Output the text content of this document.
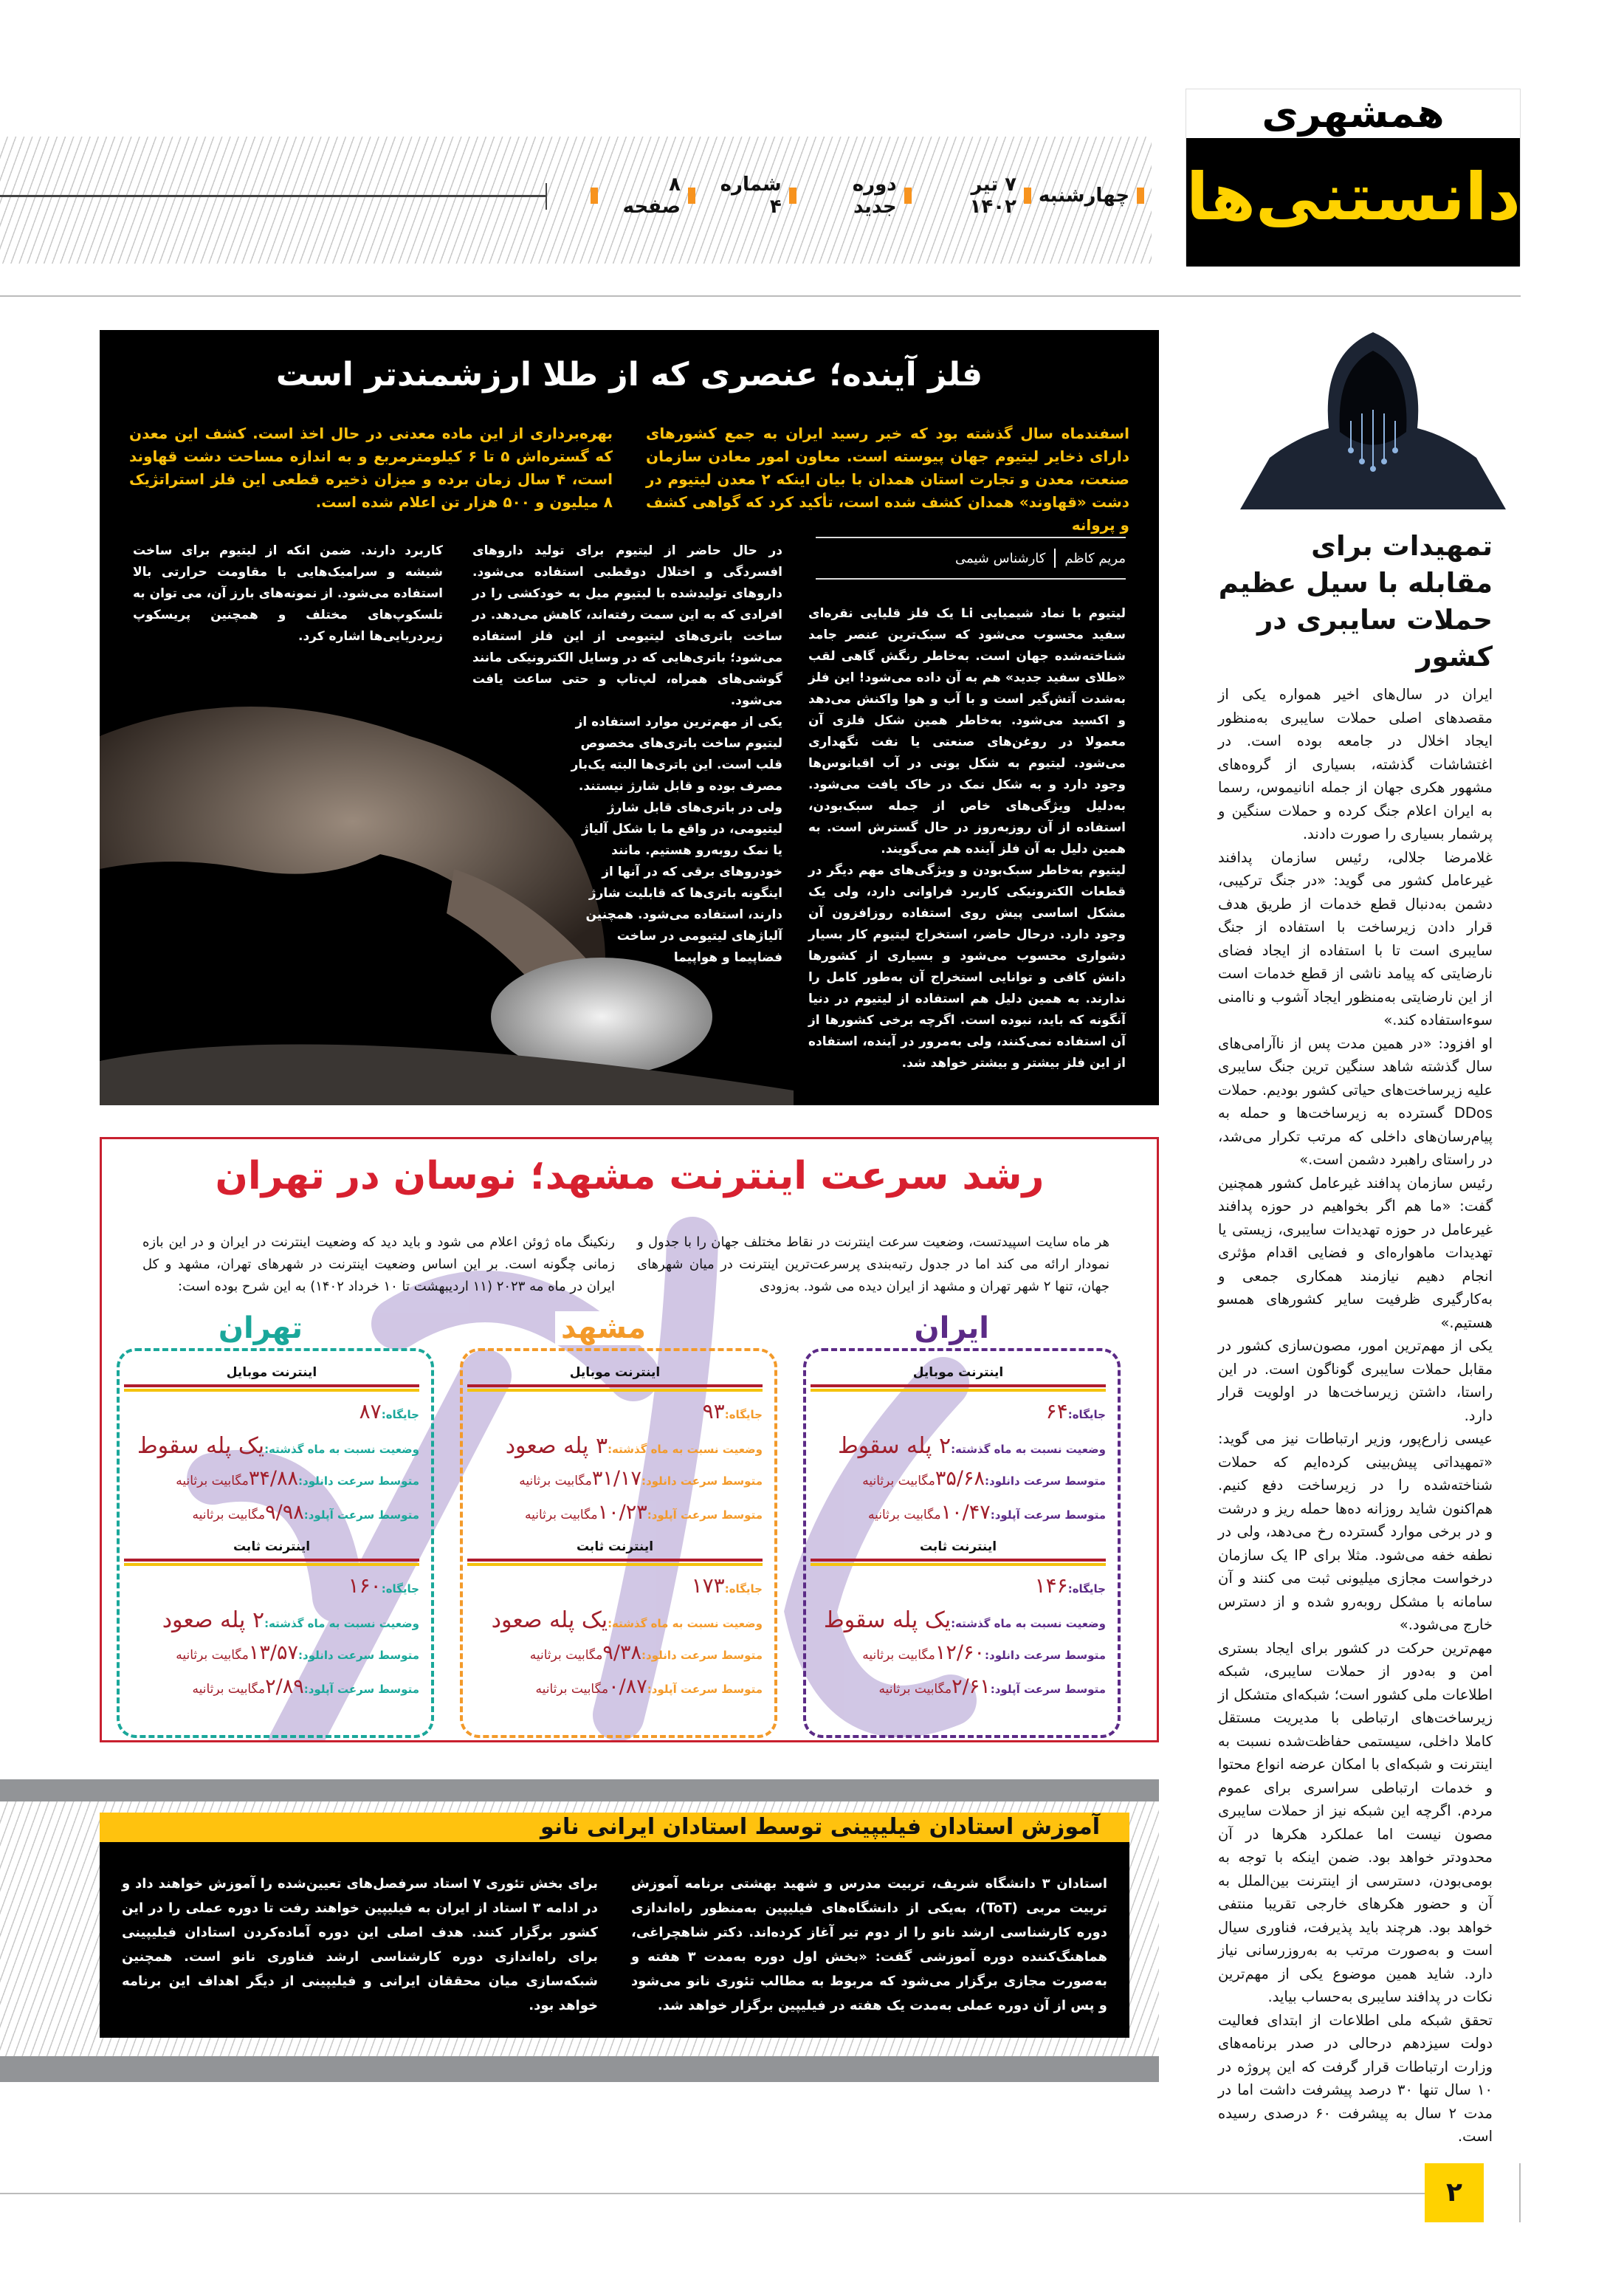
چهارشنبه
۷ تیر ۱۴۰۲
دوره جدید
شماره ۴
۸ صفحه
همشهری
دانستنی‌ها
تمهیدات برای مقابله با سیل عظیم حملات سایبری در کشور

ایران در سال‌های اخیر همواره یکی از مقصدهای اصلی حملات سایبری به‌منظور ایجاد اخلال در جامعه بوده است. در اغتشاشات گذشته، بسیاری از گروه‌های مشهور هکری جهان از جمله انانیموس، رسما به ایران اعلام جنگ کرده و حملات سنگین و پرشمار بسیاری را صورت دادند.

غلامرضا جلالی، رئیس سازمان پدافند غیرعامل کشور می گوید: «در جنگ ترکیبی، دشمن به‌دنبال قطع خدمات از طریق هدف قرار دادن زیرساخت با استفاده از جنگ سایبری است تا با استفاده از ایجاد فضای نارضایتی که پیامد ناشی از قطع خدمات است از این نارضایتی به‌منظور ایجاد آشوب و ناامنی سوءاستفاده کند.»

او افزود: «در همین مدت پس از ناآرامی‌های سال گذشته شاهد سنگین ترین جنگ سایبری علیه زیرساخت‌های حیاتی کشور بودیم. حملات DDos گسترده به زیرساخت‌ها و حمله به پیام‌رسان‌های داخلی که مرتب تکرار می‌شد، در راستای راهبرد دشمن است.»

رئیس سازمان پدافند غیرعامل کشور همچنین گفت: «ما هم اگر بخواهیم در حوزه پدافند غیرعامل در حوزه تهدیدات سایبری، زیستی یا تهدیدات ماهواره‌ای و فضایی اقدام مؤثری انجام دهیم نیازمند همکاری جمعی و به‌کارگیری ظرفیت سایر کشورهای همسو هستیم.»

یکی از مهم‌ترین امور، مصون‌سازی کشور در مقابل حملات سایبری گوناگون است. در این راستا، داشتن زیرساخت‌ها در اولویت قرار دارد.

عیسی زارع‌پور، وزیر ارتباطات نیز می گوید: «تمهیداتی پیش‌بینی کرده‌ایم که حملات شناخته‌شده را در زیرساخت دفع کنیم. هم‌اکنون شاید روزانه ده‌ها حمله ریز و درشت و در برخی موارد گسترده رخ می‌دهد، ولی در نطفه خفه می‌شود. مثلا برای IP یک سازمان درخواست مجازی میلیونی ثبت می کنند و آن سامانه با مشکل روبه‌رو شده و از دسترس خارج می‌شود.»

مهم‌ترین حرکت در کشور برای ایجاد بستری امن و به‌دور از حملات سایبری، شبکه اطلاعات ملی کشور است؛ شبکه‌ای متشکل از زیرساخت‌های ارتباطی با مدیریت مستقل کاملا داخلی، سیستمی حفاظت‌شده نسبت به اینترنت و شبکه‌ای با امکان عرضه انواع محتوا و خدمات ارتباطی سراسری برای عموم مردم. اگرچه این شبکه نیز از حملات سایبری مصون نیست اما عملکرد هکرها در آن محدودتر خواهد بود. ضمن اینکه با توجه به بومی‌بودن، دسترسی از اینترنت بین‌الملل به آن و حضور هکرهای خارجی تقریبا منتفی خواهد بود. هرچند باید پذیرفت، فناوری سیال است و به‌صورت مرتب به به‌روزرسانی نیاز دارد. شاید همین موضوع یکی از مهم‌ترین نکات در پدافند سایبری به‌حساب بیاید.

تحقق شبکه ملی اطلاعات از ابتدای فعالیت دولت سیزدهم درحالی در صدر برنامه‌های وزارت ارتباطات قرار گرفت که این پروژه در ۱۰ سال تنها ۳۰ درصد پیشرفت داشت اما در مدت ۲ سال به پیشرفت ۶۰ درصدی رسیده است.

فلز آینده؛ عنصری که از طلا ارزشمندتر است

اسفندماه سال گذشته بود که خبر رسید ایران به جمع کشورهای دارای ذخایر لیتیوم جهان پیوسته است. معاون امور معادن سازمان صنعت، معدن و تجارت استان همدان با بیان اینکه ۲ معدن لیتیوم در دشت «قهاوند» همدان کشف شده است، تأکید کرد که گواهی کشف و پروانه

بهره‌برداری از این ماده معدنی در حال اخذ است. کشف این معدن که گستره‌اش ۵ تا ۶ کیلومترمربع و به اندازه مساحت دشت قهاوند است، ۴ سال زمان برده و میزان ذخیره قطعی این فلز استراتژیک ۸ میلیون و ۵۰۰ هزار تن اعلام شده است.

مریم کاظم
کارشناس شیمی

لیتیوم با نماد شیمیایی Li یک فلز قلیایی نقره‌ای سفید محسوب می‌شود که سبک‌ترین عنصر جامد شناخته‌شده جهان است. به‌خاطر رنگش گاهی لقب «طلای سفید جدید» هم به آن داده می‌شود! این فلز به‌شدت آتش‌گیر است و با آب و هوا واکنش می‌دهد و اکسید می‌شود. به‌خاطر همین شکل فلزی آن معمولا در روغن‌های صنعتی یا نفت نگهداری می‌شود. لیتیوم به شکل یونی در آب اقیانوس‌ها وجود دارد و به شکل نمک در خاک یافت می‌شود. به‌دلیل ویژگی‌های خاص از جمله سبک‌بودن، استفاده از آن روزبه‌روز در حال گسترش است. به همین دلیل به آن فلز آینده هم می‌گویند.

لیتیوم به‌خاطر سبک‌بودن و ویژگی‌های مهم دیگر در قطعات الکترونیکی کاربرد فراوانی دارد، ولی یک مشکل اساسی پیش روی استفاده روزافزون آن وجود دارد. درحال حاضر، استخراج لیتیوم کار بسیار دشواری محسوب می‌شود و بسیاری از کشورها دانش کافی و توانایی استخراج آن به‌طور کامل را ندارند. به همین دلیل هم استفاده از لیتیوم در دنیا آنگونه که باید، نبوده است. اگرچه برخی کشورها از آن استفاده نمی‌کنند، ولی به‌مرور در آینده، استفاده از این فلز بیشتر و بیشتر خواهد شد.

در حال حاضر از لیتیوم برای تولید داروهای افسردگی و اختلال دوقطبی استفاده می‌شود. داروهای تولیدشده با لیتیوم میل به خودکشی را در افرادی که به این سمت رفته‌اند، کاهش می‌دهد. در ساخت باتری‌های لیتیومی از این فلز استفاده می‌شود؛ باتری‌هایی که در وسایل الکترونیکی مانند گوشی‌های همراه، لپ‌تاپ و حتی ساعت یافت می‌شود.

یکی از مهم‌ترین موارد استفاده از لیتیوم ساخت باتری‌های مخصوص قلب است. این باتری‌ها البته یک‌بار مصرف بوده و قابل شارژ نیستند. ولی در باتری‌های قابل شارژ لیتیومی، در واقع ما با شکل آلیاژ یا نمک روبه‌رو هستیم. مانند خودروهای برقی که در آنها از اینگونه باتری‌ها که قابلیت شارژ دارند، استفاده می‌شود. همچنین آلیاژهای لیتیومی در ساخت فضاپیما و هواپیما

کاربرد دارند. ضمن انکه از لیتیوم برای ساخت شیشه و سرامیک‌هایی با مقاومت حرارتی بالا استفاده می‌شود. از نمونه‌های بارز آن، می توان به تلسکوپ‌های مختلف و همچنین پریسکوپ زیردریایی‌ها اشاره کرد.

رشد سرعت اینترنت مشهد؛ نوسان در تهران

هر ماه سایت اسپیدتست، وضعیت سرعت اینترنت در نقاط مختلف جهان را با جدول و نمودار ارائه می کند اما در جدول رتبه‌بندی پرسرعت‌ترین اینترنت در میان شهرهای جهان، تنها ۲ شهر تهران و مشهد از ایران دیده می شود. به‌زودی

رنکینگ ماه ژوئن اعلام می شود و باید دید که وضعیت اینترنت در ایران و در این بازه زمانی چگونه است. بر این اساس وضعیت اینترنت در شهرهای تهران، مشهد و کل ایران در ماه مه ۲۰۲۳ (۱۱ اردیبهشت تا ۱۰ خرداد ۱۴۰۲) به این شرح بوده است:

ایران
اینترنت موبایل
جایگاه:
۶۴
وضعیت نسبت به ماه گذشته:
۲ پله سقوط
متوسط سرعت دانلود:
۳۵/۶۸
مگابیت برثانیه
متوسط سرعت آپلود:
۱۰/۴۷
مگابیت برثانیه
اینترنت ثابت
جایگاه:
۱۴۶
وضعیت نسبت به ماه گذشته:
یک پله سقوط
متوسط سرعت دانلود:
۱۲/۶۰
مگابیت برثانیه
متوسط سرعت آپلود:
۲/۶۱
مگابیت برثانیه
مشهد
اینترنت موبایل
جایگاه:
۹۳
وضعیت نسبت به ماه گذشته:
۳ پله صعود
متوسط سرعت دانلود:
۳۱/۱۷
مگابیت برثانیه
متوسط سرعت آپلود:
۱۰/۲۳
مگابیت برثانیه
اینترنت ثابت
جایگاه:
۱۷۳
وضعیت نسبت به ماه گذشته:
یک پله صعود
متوسط سرعت دانلود:
۹/۳۸
مگابیت برثانیه
متوسط سرعت آپلود:
۰/۸۷
مگابیت برثانیه
تهران
اینترنت موبایل
جایگاه:
۸۷
وضعیت نسبت به ماه گذشته:
یک پله سقوط
متوسط سرعت دانلود:
۳۴/۸۸
مگابیت برثانیه
متوسط سرعت آپلود:
۹/۹۸
مگابیت برثانیه
اینترنت ثابت
جایگاه:
۱۶۰
وضعیت نسبت به ماه گذشته:
۲ پله صعود
متوسط سرعت دانلود:
۱۳/۵۷
مگابیت برثانیه
متوسط سرعت آپلود:
۲/۸۹
مگابیت برثانیه
آموزش استادان فیلیپینی توسط استادان ایرانی نانو

استادان ۳ دانشگاه شریف، تربیت مدرس و شهید بهشتی برنامه آموزش تربیت مربی (ToT)، به‌یکی از دانشگاه‌های فیلیپین به‌منظور راه‌اندازی دوره کارشناسی ارشد نانو را از دوم تیر آغاز کرده‌اند. دکتر شاهچراغی، هماهنگ‌کننده دوره آموزشی گفت: «بخش اول دوره به‌مدت ۳ هفته و به‌صورت مجازی برگزار می‌شود که مربوط به مطالب تئوری نانو می‌شود و پس از آن دوره عملی به‌مدت یک هفته در فیلیپین برگزار خواهد شد.

برای بخش تئوری ۷ استاد سرفصل‌های تعیین‌شده را آموزش خواهند داد و در ادامه ۳ استاد از ایران به فیلیپین خواهند رفت تا دوره عملی را در این کشور برگزار کنند. هدف اصلی این دوره آماده‌کردن استادان فیلیپینی برای راه‌اندازی دوره کارشناسی ارشد فناوری نانو است. همچنین شبکه‌سازی میان محققان ایرانی و فیلیپینی از دیگر اهداف این برنامه خواهد بود.

۲
